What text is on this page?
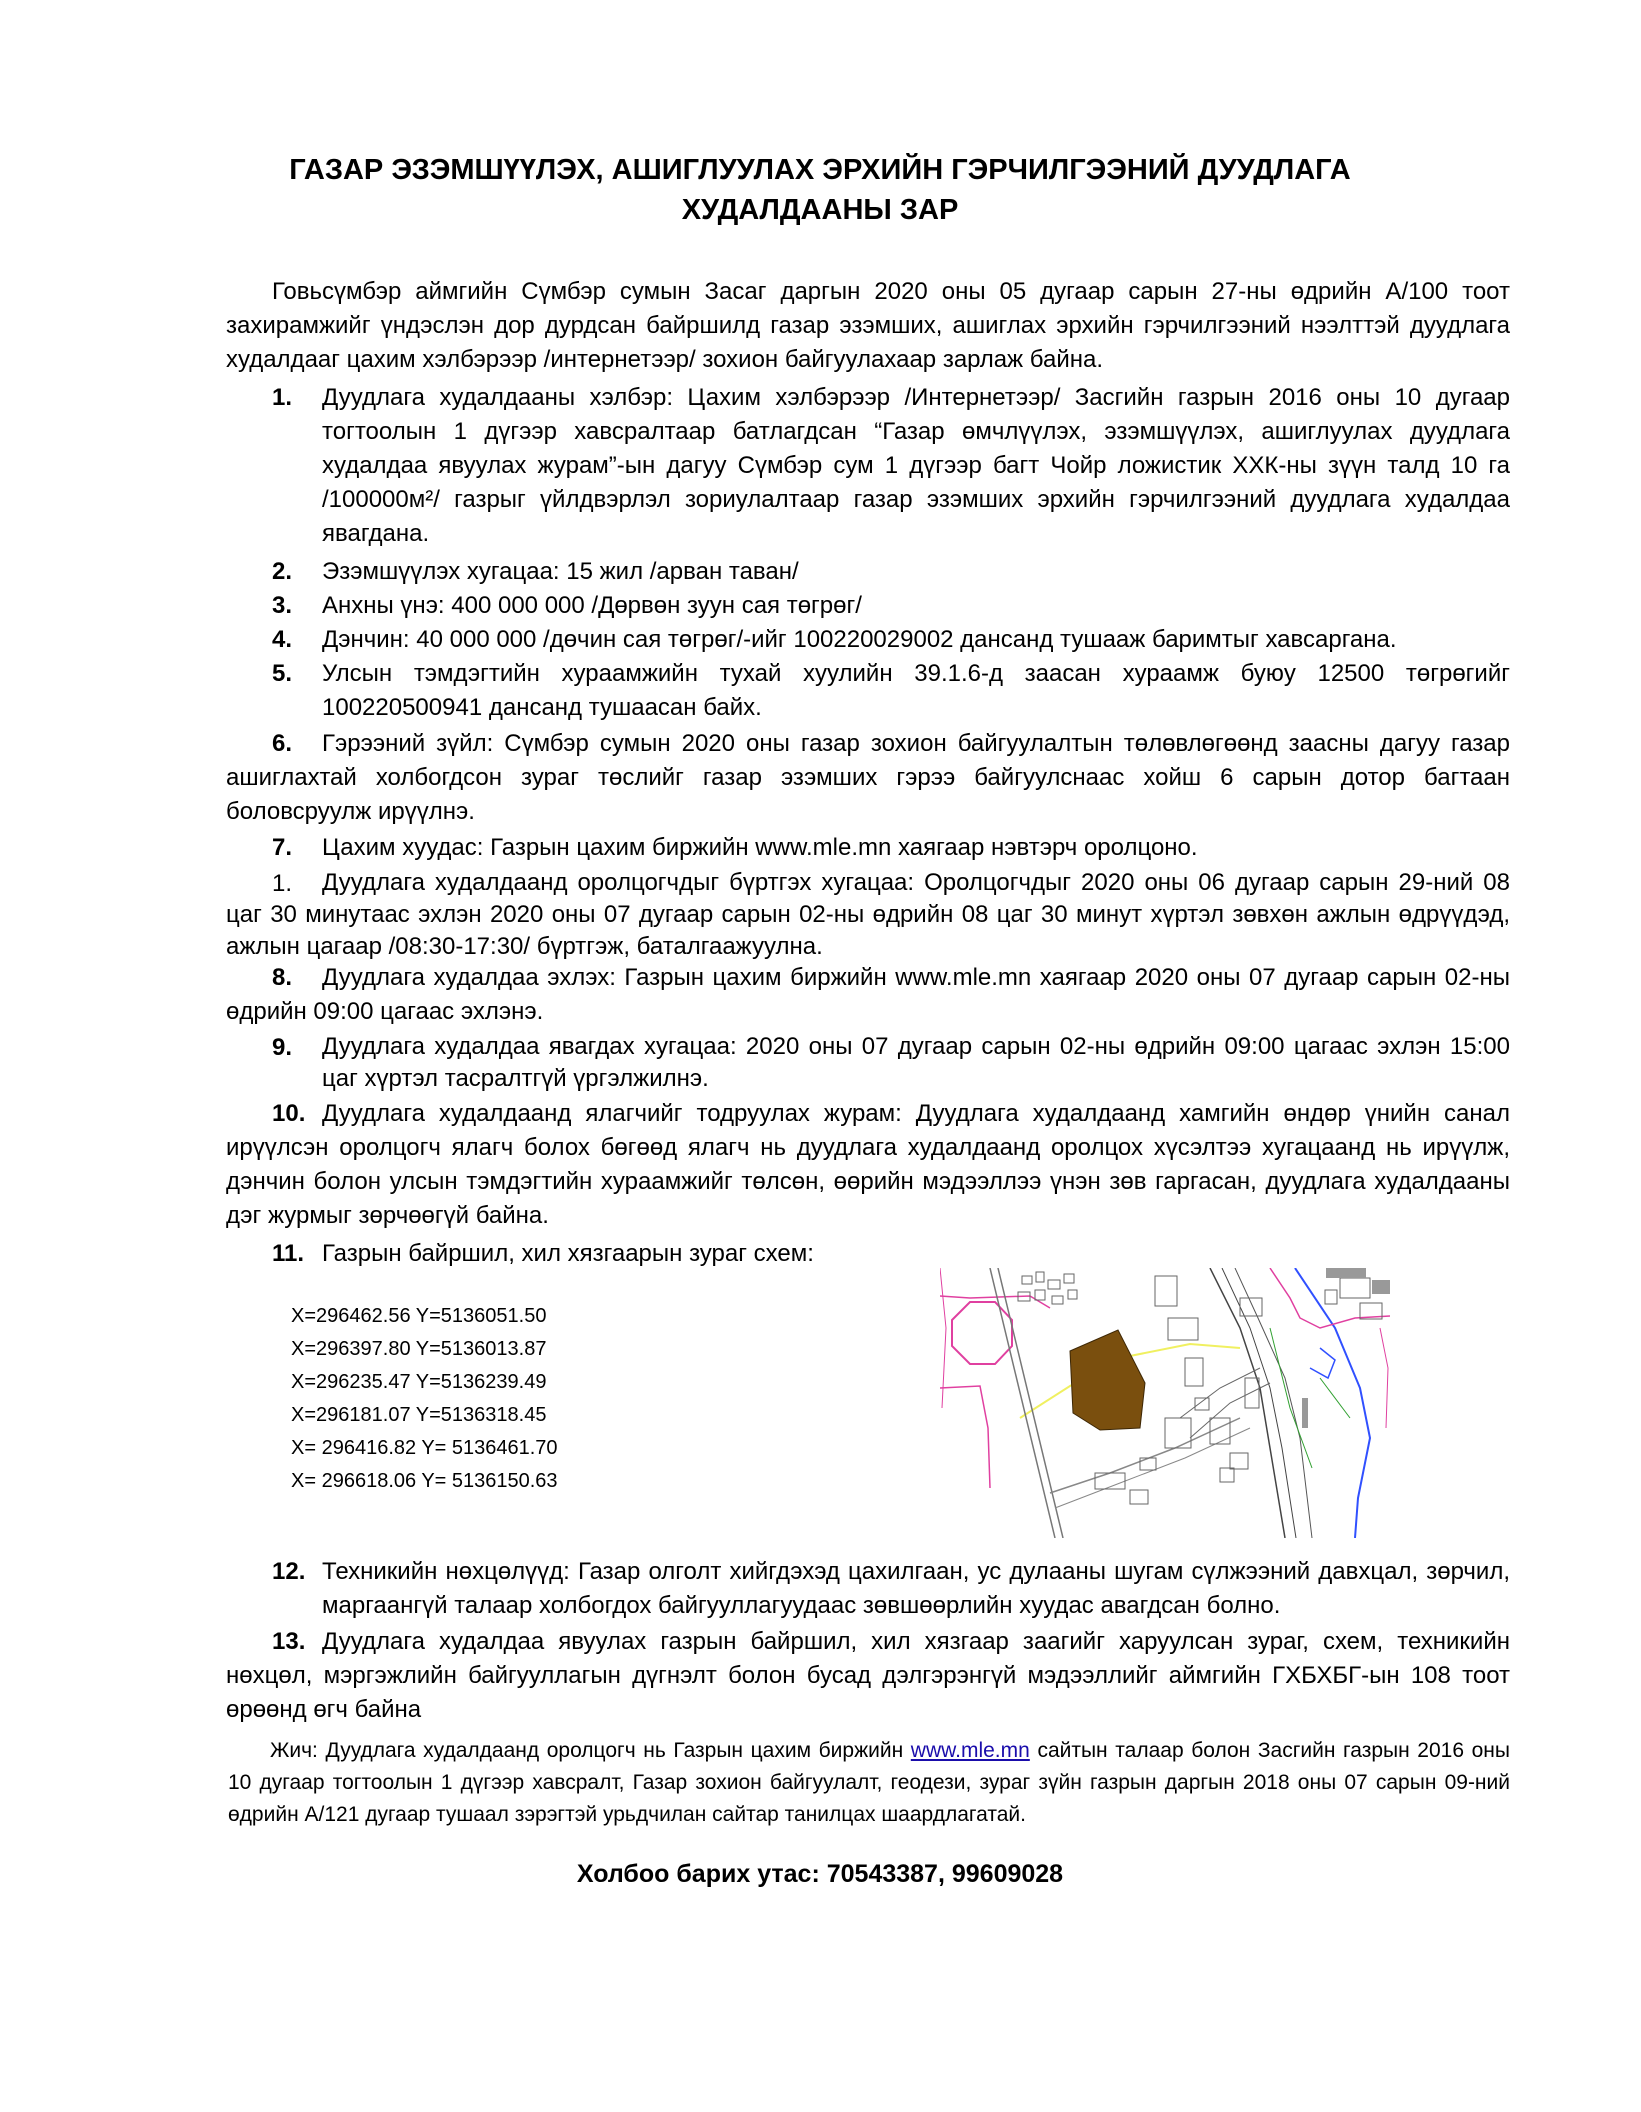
ГАЗАР ЭЗЭМШҮҮЛЭХ, АШИГЛУУЛАХ ЭРХИЙН ГЭРЧИЛГЭЭНИЙ ДУУДЛАГА
ХУДАЛДААНЫ ЗАР
Говьсүмбэр аймгийн Сүмбэр сумын Засаг даргын 2020 оны 05 дугаар сарын 27-ны өдрийн А/100 тоот захирамжийг үндэслэн дор дурдсан байршилд газар эзэмших, ашиглах эрхийн гэрчилгээний нээлттэй дуудлага худалдааг цахим хэлбэрээр /интернетээр/ зохион байгуулахаар зарлаж байна.
1. Дуудлага худалдааны хэлбэр: Цахим хэлбэрээр /Интернетээр/ Засгийн газрын 2016 оны 10 дугаар тогтоолын 1 дүгээр хавсралтаар батлагдсан “Газар өмчлүүлэх, эзэмшүүлэх, ашиглуулах дуудлага худалдаа явуулах журам”-ын дагуу Сүмбэр сум 1 дүгээр багт Чойр ложистик ХХК-ны зүүн талд 10 га /100000м²/ газрыг үйлдвэрлэл зориулалтаар газар эзэмших эрхийн гэрчилгээний дуудлага худалдаа явагдана.
2. Эзэмшүүлэх хугацаа: 15 жил /арван таван/
3. Анхны үнэ: 400 000 000 /Дөрвөн зуун сая төгрөг/
4. Дэнчин: 40 000 000 /дөчин сая төгрөг/-ийг 100220029002 дансанд тушааж баримтыг хавсаргана.
5. Улсын тэмдэгтийн хураамжийн тухай хуулийн 39.1.6-д заасан хураамж буюу 12500 төгрөгийг 100220500941 дансанд тушаасан байх.
6.	Гэрээний зүйл: Сүмбэр сумын 2020 оны газар зохион байгуулалтын төлөвлөгөөнд заасны дагуу газар ашиглахтай холбогдсон зураг төслийг газар эзэмших гэрээ байгуулснаас хойш 6 сарын дотор багтаан боловсруулж ирүүлнэ.
7. Цахим хуудас: Газрын цахим биржийн www.mle.mn хаягаар нэвтэрч оролцоно.
1.	Дуудлага худалдаанд оролцогчдыг бүртгэх хугацаа: Оролцогчдыг 2020 оны 06 дугаар сарын 29-ний 08 цаг 30 минутаас эхлэн 2020 оны 07 дугаар сарын 02-ны өдрийн 08 цаг 30 минут хүртэл зөвхөн ажлын өдрүүдэд, ажлын цагаар /08:30-17:30/ бүртгэж, баталгаажуулна.
8.	Дуудлага худалдаа эхлэх: Газрын цахим биржийн www.mle.mn хаягаар 2020 оны 07 дугаар сарын 02-ны өдрийн 09:00 цагаас эхлэнэ.
9. Дуудлага худалдаа явагдах хугацаа: 2020 оны 07 дугаар сарын 02-ны өдрийн 09:00 цагаас эхлэн 15:00 цаг хүртэл тасралтгүй үргэлжилнэ.
10. Дуудлага худалдаанд ялагчийг тодруулах журам: Дуудлага худалдаанд хамгийн өндөр үнийн санал ирүүлсэн оролцогч ялагч болох бөгөөд ялагч нь дуудлага худалдаанд оролцох хүсэлтээ хугацаанд нь ирүүлж, дэнчин болон улсын тэмдэгтийн хураамжийг төлсөн, өөрийн мэдээллээ үнэн зөв гаргасан, дуудлага худалдааны дэг журмыг зөрчөөгүй байна.
11. Газрын байршил, хил хязгаарын зураг схем:
X=296462.56 Y=5136051.50
X=296397.80 Y=5136013.87
X=296235.47 Y=5136239.49
X=296181.07 Y=5136318.45
X= 296416.82 Y= 5136461.70
X= 296618.06 Y= 5136150.63
12. Техникийн нөхцөлүүд: Газар олголт хийгдэхэд цахилгаан, ус дулааны шугам сүлжээний давхцал, зөрчил, маргаангүй талаар холбогдох байгууллагуудаас зөвшөөрлийн хуудас авагдсан болно.
13. Дуудлага худалдаа явуулах газрын байршил, хил хязгаар заагийг харуулсан зураг, схем, техникийн нөхцөл, мэргэжлийн байгууллагын дүгнэлт болон бусад дэлгэрэнгүй мэдээллийг аймгийн ГХБХБГ-ын 108 тоот өрөөнд өгч байна
Жич: Дуудлага худалдаанд оролцогч нь Газрын цахим биржийн www.mle.mn сайтын талаар болон Засгийн газрын 2016 оны 10 дугаар тогтоолын 1 дүгээр хавсралт, Газар зохион байгуулалт, геодези, зураг зүйн газрын даргын 2018 оны 07 сарын 09-ний өдрийн А/121 дугаар тушаал зэрэгтэй урьдчилан сайтар танилцах шаардлагатай.
Холбоо барих утас: 70543387, 99609028
